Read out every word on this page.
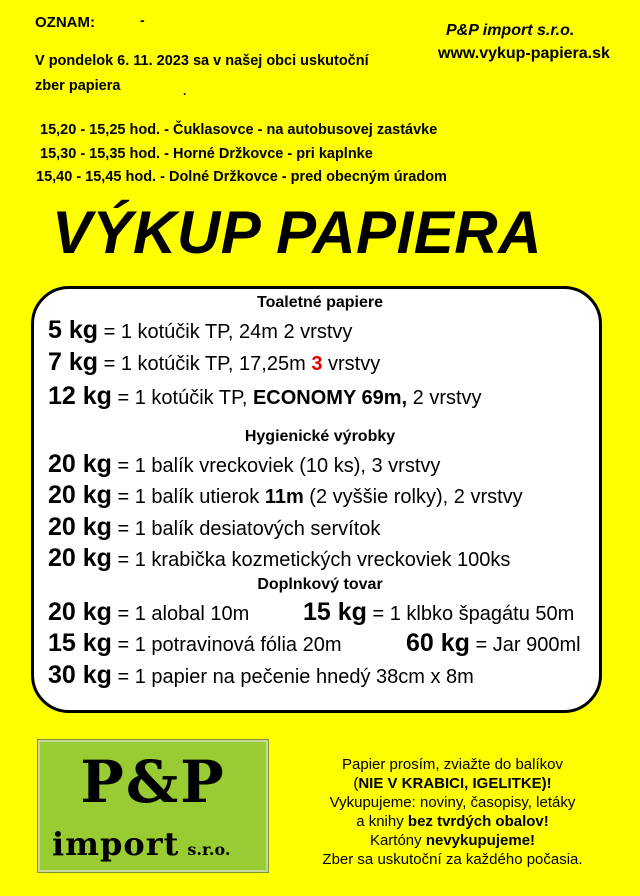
OZNAM:	-
P&P import s.r.o.
www.vykup-papiera.sk
V pondelok 6. 11. 2023 sa v našej obci uskutoční
zber papiera	.
15,20 - 15,25 hod. - Čuklasovce - na autobusovej zastávke
15,30 - 15,35 hod. - Horné Držkovce - pri kaplnke
15,40 - 15,45 hod. - Dolné Držkovce - pred obecným úradom
VÝKUP PAPIERA
Toaletné papiere
5 kg = 1 kotúčik TP, 24m 2 vrstvy
7 kg = 1 kotúčik TP, 17,25m 3 vrstvy
12 kg = 1 kotúčik TP, ECONOMY 69m, 2 vrstvy
Hygienické výrobky
20 kg = 1 balík vreckoviek (10 ks), 3 vrstvy
20 kg = 1 balík utierok 11m (2 vyššie rolky), 2 vrstvy
20 kg = 1 balík desiatových servítok
20 kg = 1 krabička kozmetických vreckoviek 100ks
Doplnkový tovar
20 kg = 1 alobal 10m 15 kg = 1 klbko špagátu 50m
15 kg = 1 potravinová fólia 20m	60 kg = Jar 900ml
30 kg = 1 papier na pečenie hnedý 38cm x 8m
P&P
import s.r.o.
Papier prosím, zviažte do balíkov
(NIE V KRABICI, IGELITKE)!
Vykupujeme: noviny, časopisy, letáky
a knihy bez tvrdých obalov!
Kartóny nevykupujeme!
Zber sa uskutoční za každého počasia.
